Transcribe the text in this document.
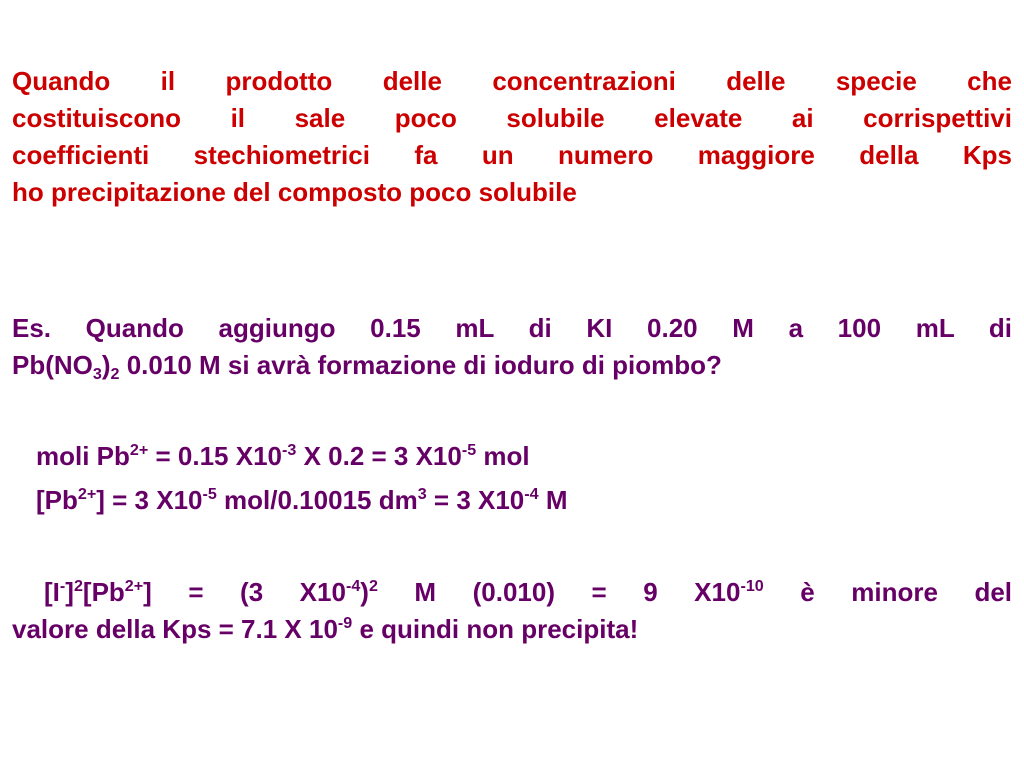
Quando il prodotto delle concentrazioni delle specie che
costituiscono il sale poco solubile elevate ai corrispettivi
coefficienti stechiometrici fa un numero maggiore della Kps
ho precipitazione del composto poco solubile
Es. Quando aggiungo 0.15 mL di KI 0.20 M a 100 mL di
$Pb(NO_3)_2$ 0.010 M si avrà formazione di ioduro di piombo?
moli $Pb^{2+} = 0.15$ $X10^{-3}$ X 0.2 = 3 $X10^{-5}$ mol
$[Pb^{2+}] = 3$ $X10^{-5}$ mol/0.10015 $dm^3 = 3$ $X10^{-4}$ M
$[I^-]^2[Pb^{2+}] = (3$ $X10^{-4})^2$ M (0.010) = 9 $X10^{-10}$ è minore del
valore della Kps = 7.1 X $10^{-9}$ e quindi non precipita!
